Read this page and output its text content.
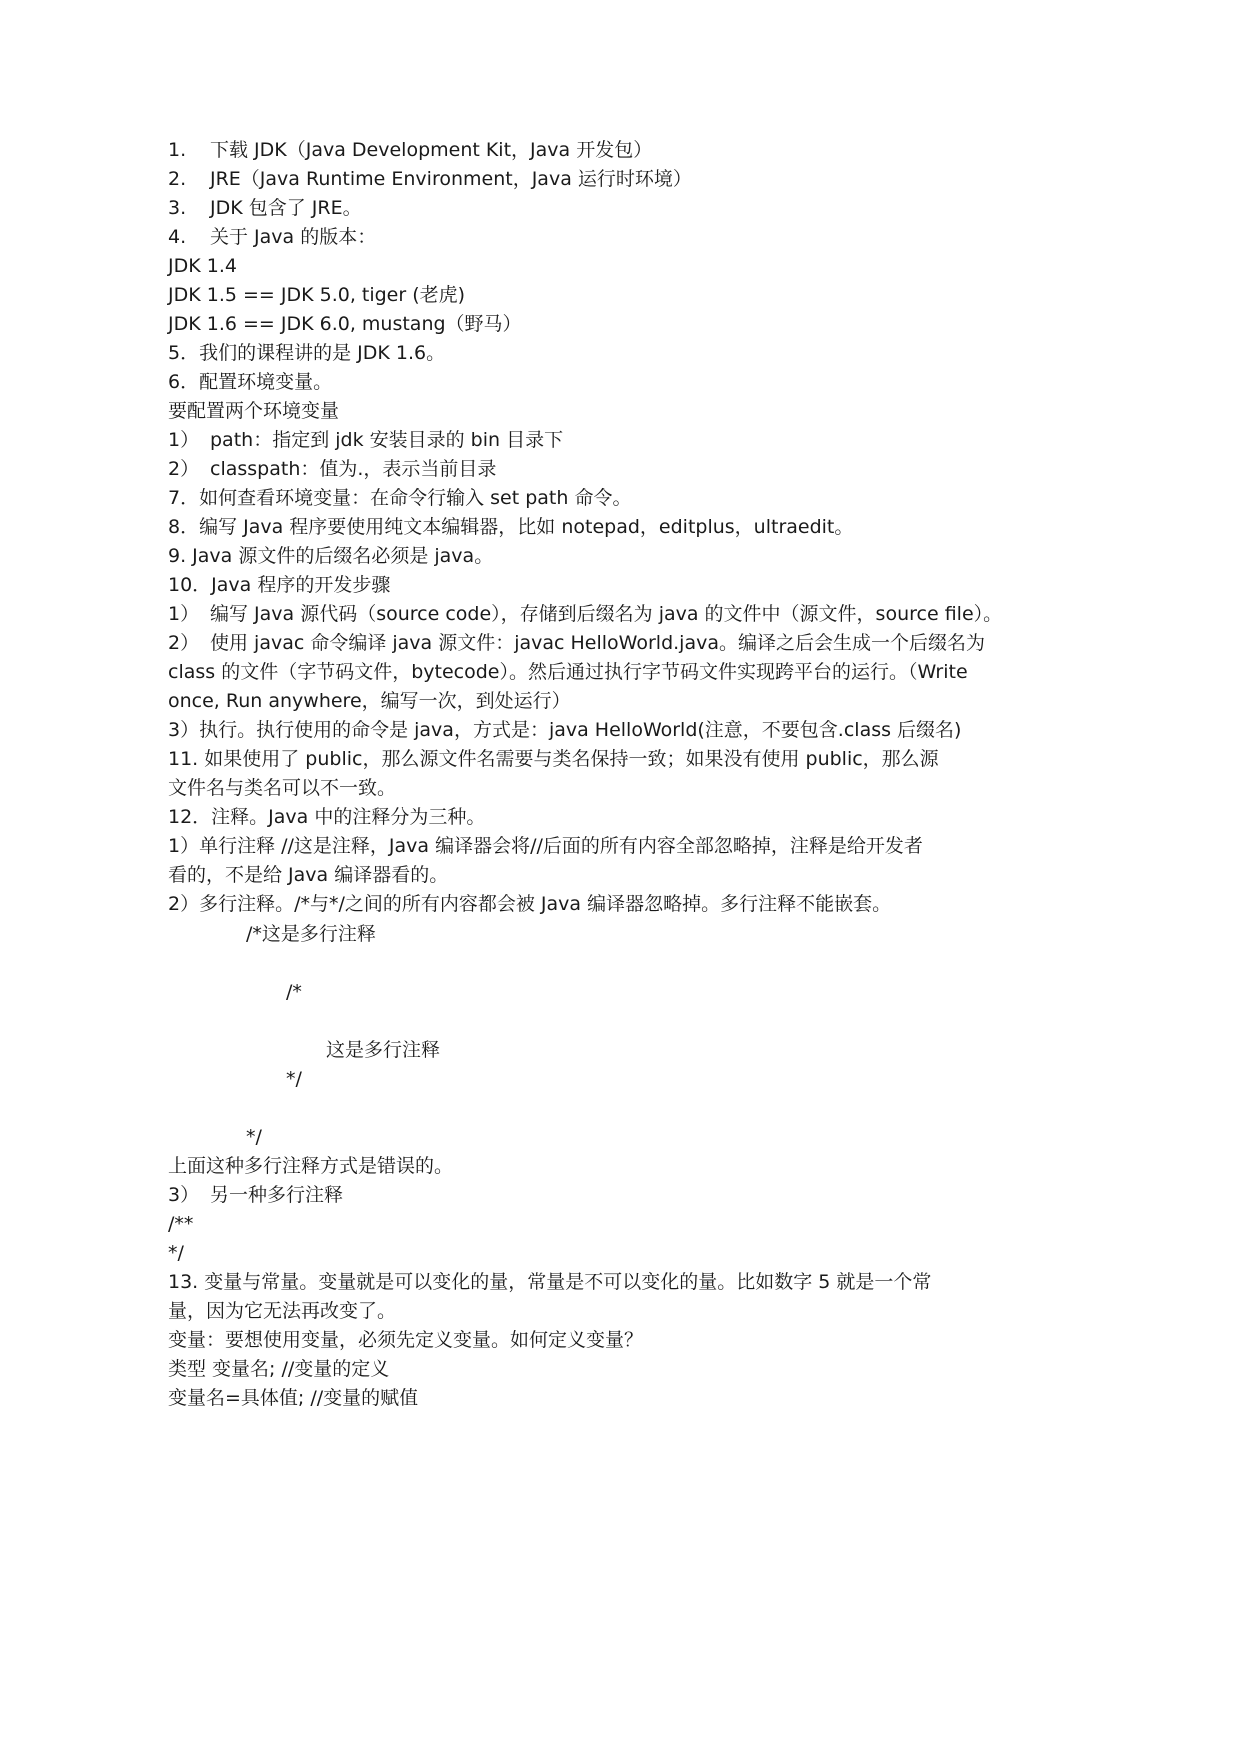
1. 下载 JDK（Java Development Kit，Java 开发包）
2. JRE（Java Runtime Environment，Java 运行时环境）
3. JDK 包含了 JRE。
4. 关于 Java 的版本：
JDK 1.4
JDK 1.5 == JDK 5.0, tiger (老虎)
JDK 1.6 == JDK 6.0, mustang（野马）
5．我们的课程讲的是 JDK 1.6。
6．配置环境变量。
要配置两个环境变量
1） path：指定到 jdk 安装目录的 bin 目录下
2） classpath：值为.，表示当前目录
7．如何查看环境变量：在命令行输入 set path 命令。
8．编写 Java 程序要使用纯文本编辑器，比如 notepad，editplus，ultraedit。
9. Java 源文件的后缀名必须是 java。
10．Java 程序的开发步骤
1） 编写 Java 源代码（source code），存储到后缀名为 java 的文件中（源文件，source file）。
2） 使用 javac 命令编译 java 源文件：javac HelloWorld.java。编译之后会生成一个后缀名为
class 的文件（字节码文件，bytecode）。然后通过执行字节码文件实现跨平台的运行。（Write
once, Run anywhere，编写一次，到处运行）
3）执行。执行使用的命令是 java，方式是：java HelloWorld(注意，不要包含.class 后缀名)
11. 如果使用了 public，那么源文件名需要与类名保持一致；如果没有使用 public，那么源
文件名与类名可以不一致。
12．注释。Java 中的注释分为三种。
1）单行注释 //这是注释，Java 编译器会将//后面的所有内容全部忽略掉，注释是给开发者
看的，不是给 Java 编译器看的。
2）多行注释。/*与*/之间的所有内容都会被 Java 编译器忽略掉。多行注释不能嵌套。
/*这是多行注释
/*
这是多行注释
*/
*/
上面这种多行注释方式是错误的。
3） 另一种多行注释
/**
*/
13. 变量与常量。变量就是可以变化的量，常量是不可以变化的量。比如数字 5 就是一个常
量，因为它无法再改变了。
变量：要想使用变量，必须先定义变量。如何定义变量？
类型 变量名; //变量的定义
变量名=具体值; //变量的赋值
